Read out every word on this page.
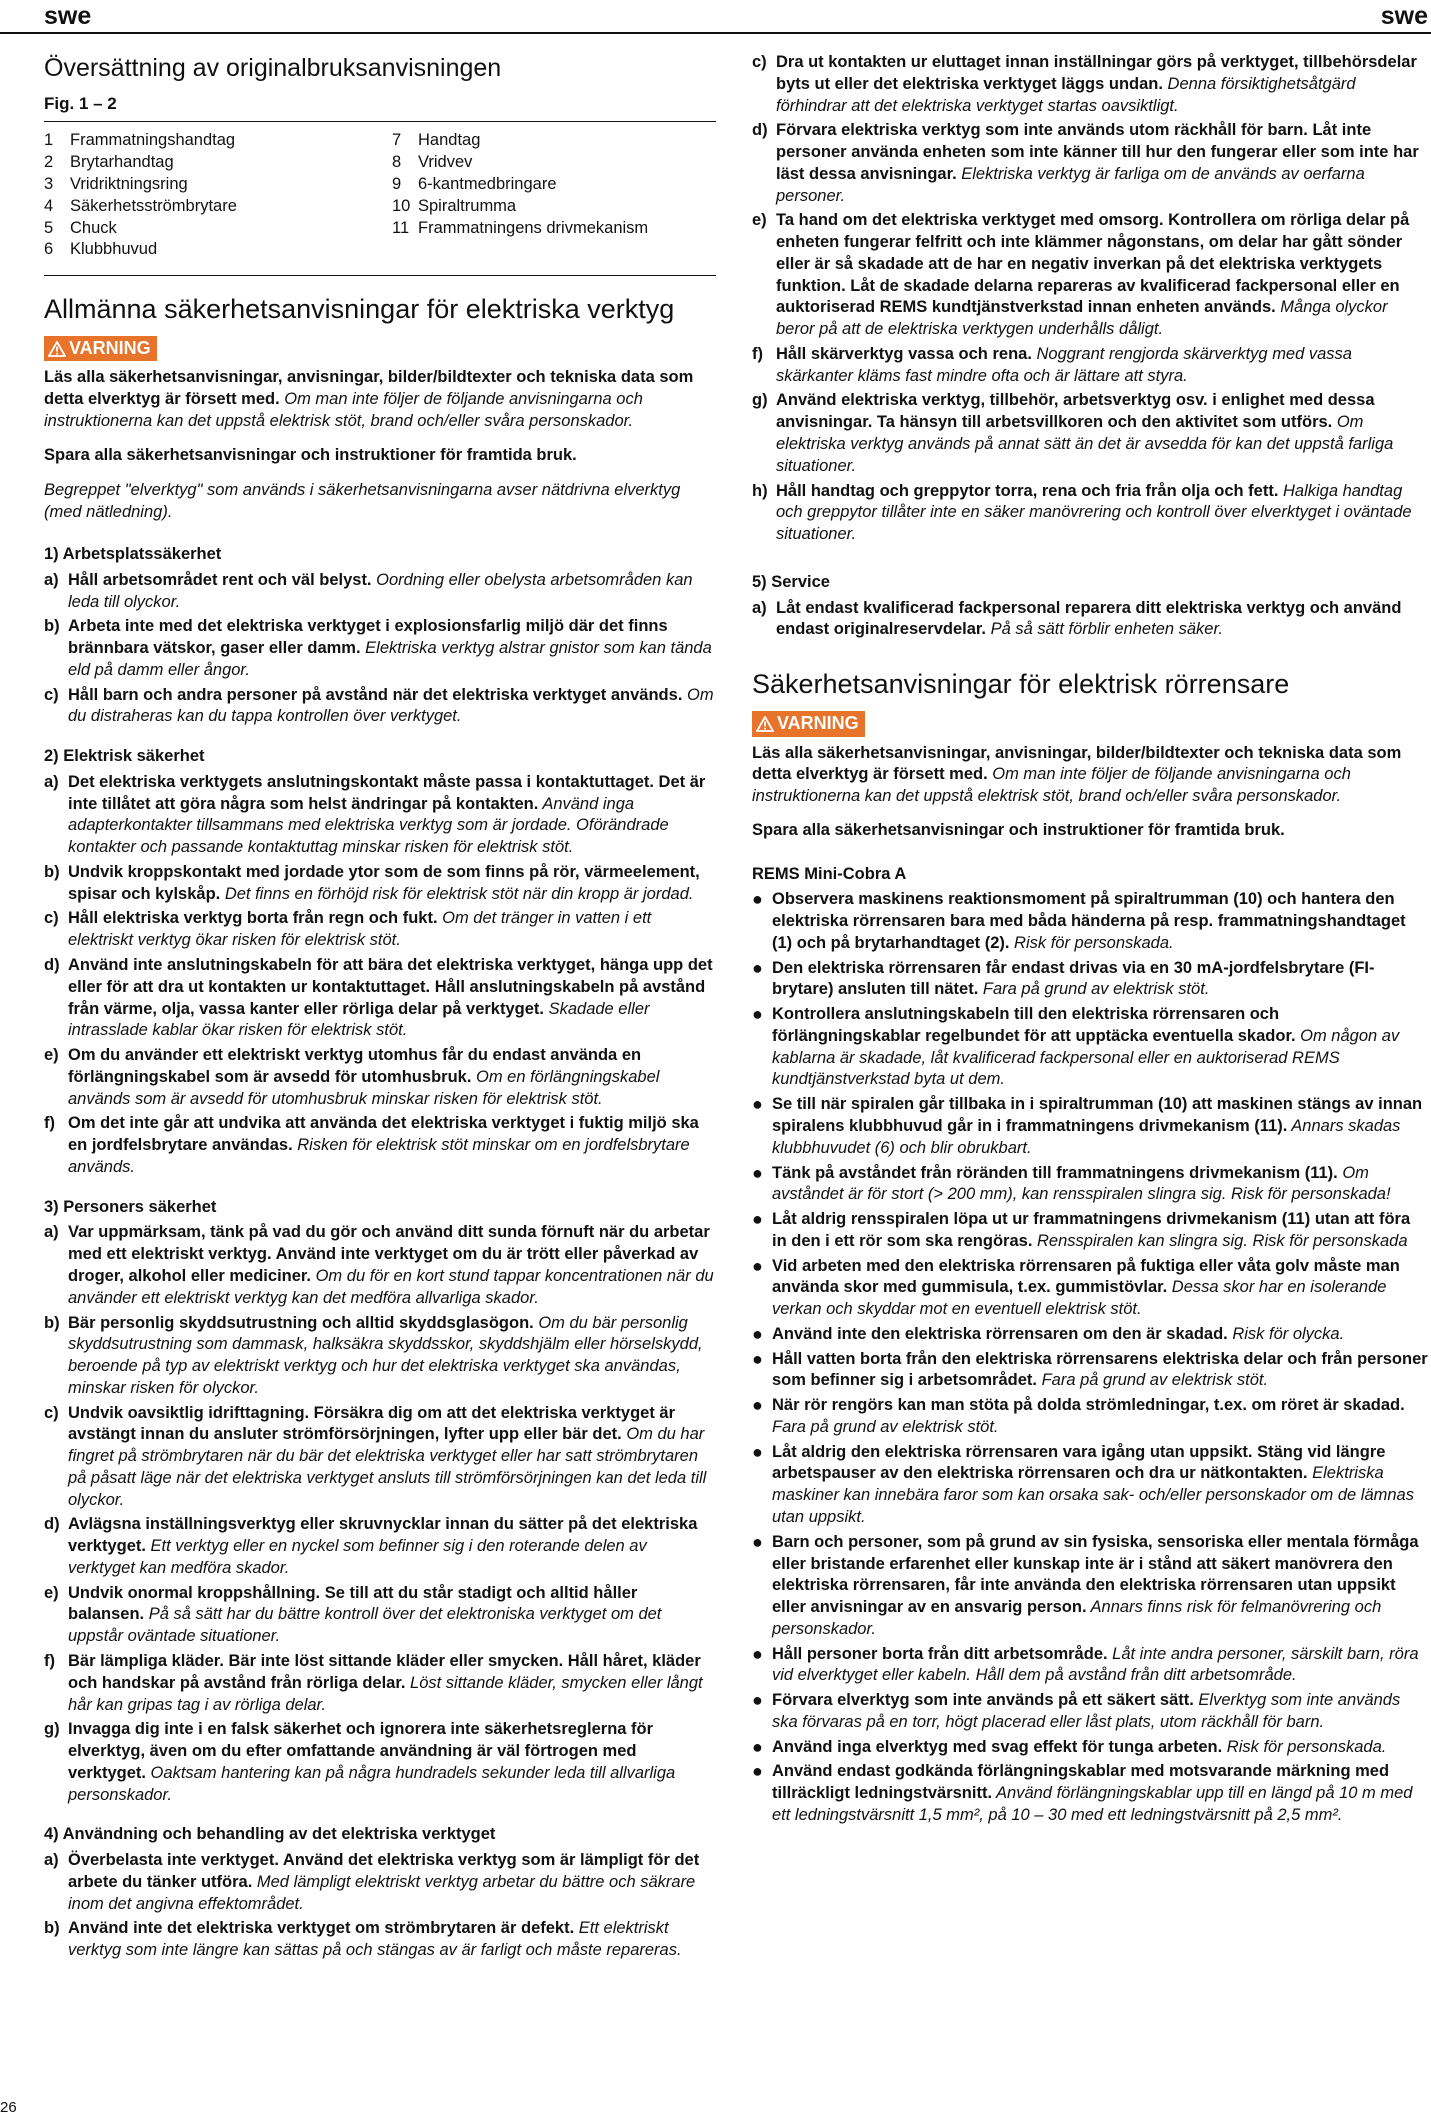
swe	swe
Översättning av originalbruksanvisningen
Fig. 1 – 2
1 Frammatningshandtag
2 Brytarhandtag
3 Vridriktningsring
4 Säkerhetsströmbrytare
5 Chuck
6 Klubbhuvud
7 Handtag
8 Vridvev
9 6-kantmedbringare
10 Spiraltrumma
11 Frammatningens drivmekanism
Allmänna säkerhetsanvisningar för elektriska verktyg
VARNING

Läs alla säkerhetsanvisningar, anvisningar, bilder/bildtexter och tekniska data som detta elverktyg är försett med. Om man inte följer de följande anvisningarna och instruktionerna kan det uppstå elektrisk stöt, brand och/eller svåra personskador.

Spara alla säkerhetsanvisningar och instruktioner för framtida bruk.

Begreppet "elverktyg" som används i säkerhetsanvisningarna avser nätdrivna elverktyg (med nätledning).

1) Arbetsplatssäkerhet
a) Håll arbetsområdet rent och väl belyst. Oordning eller obelysta arbetsområden kan leda till olyckor.
b) Arbeta inte med det elektriska verktyget i explosionsfarlig miljö där det finns brännbara vätskor, gaser eller damm. Elektriska verktyg alstrar gnistor som kan tända eld på damm eller ångor.
c) Håll barn och andra personer på avstånd när det elektriska verktyget används. Om du distraheras kan du tappa kontrollen över verktyget.
2) Elektrisk säkerhet
a) Det elektriska verktygets anslutningskontakt måste passa i kontaktuttaget. Det är inte tillåtet att göra några som helst ändringar på kontakten. Använd inga adapterkontakter tillsammans med elektriska verktyg som är jordade. Oförändrade kontakter och passande kontaktuttag minskar risken för elektrisk stöt.
b) Undvik kroppskontakt med jordade ytor som de som finns på rör, värmeelement, spisar och kylskåp. Det finns en förhöjd risk för elektrisk stöt när din kropp är jordad.
c) Håll elektriska verktyg borta från regn och fukt. Om det tränger in vatten i ett elektriskt verktyg ökar risken för elektrisk stöt.
d) Använd inte anslutningskabeln för att bära det elektriska verktyget, hänga upp det eller för att dra ut kontakten ur kontaktuttaget. Håll anslutningskabeln på avstånd från värme, olja, vassa kanter eller rörliga delar på verktyget. Skadade eller intrasslade kablar ökar risken för elektrisk stöt.
e) Om du använder ett elektriskt verktyg utomhus får du endast använda en förlängningskabel som är avsedd för utomhusbruk. Om en förlängningskabel används som är avsedd för utomhusbruk minskar risken för elektrisk stöt.
f) Om det inte går att undvika att använda det elektriska verktyget i fuktig miljö ska en jordfelsbrytare användas. Risken för elektrisk stöt minskar om en jordfelsbrytare används.
3) Personers säkerhet
a) Var uppmärksam, tänk på vad du gör och använd ditt sunda förnuft när du arbetar med ett elektriskt verktyg. Använd inte verktyget om du är trött eller påverkad av droger, alkohol eller mediciner. Om du för en kort stund tappar koncentrationen när du använder ett elektriskt verktyg kan det medföra allvarliga skador.
b) Bär personlig skyddsutrustning och alltid skyddsglasögon. Om du bär personlig skyddsutrustning som dammask, halksäkra skyddsskor, skyddshjälm eller hörselskydd, beroende på typ av elektriskt verktyg och hur det elektriska verktyget ska användas, minskar risken för olyckor.
c) Undvik oavsiktlig idrifttagning. Försäkra dig om att det elektriska verktyget är avstängt innan du ansluter strömförsörjningen, lyfter upp eller bär det. Om du har fingret på strömbrytaren när du bär det elektriska verktyget eller har satt strömbrytaren på påsatt läge när det elektriska verktyget ansluts till strömförsörjningen kan det leda till olyckor.
d) Avlägsna inställningsverktyg eller skruvnycklar innan du sätter på det elektriska verktyget. Ett verktyg eller en nyckel som befinner sig i den roterande delen av verktyget kan medföra skador.
e) Undvik onormal kroppshållning. Se till att du står stadigt och alltid håller balansen. På så sätt har du bättre kontroll över det elektroniska verktyget om det uppstår oväntade situationer.
f) Bär lämpliga kläder. Bär inte löst sittande kläder eller smycken. Håll håret, kläder och handskar på avstånd från rörliga delar. Löst sittande kläder, smycken eller långt hår kan gripas tag i av rörliga delar.
g) Invagga dig inte i en falsk säkerhet och ignorera inte säkerhetsreglerna för elverktyg, även om du efter omfattande användning är väl förtrogen med verktyget. Oaktsam hantering kan på några hundradels sekunder leda till allvarliga personskador.
4) Användning och behandling av det elektriska verktyget
a) Överbelasta inte verktyget. Använd det elektriska verktyg som är lämpligt för det arbete du tänker utföra. Med lämpligt elektriskt verktyg arbetar du bättre och säkrare inom det angivna effektområdet.
b) Använd inte det elektriska verktyget om strömbrytaren är defekt. Ett elektriskt verktyg som inte längre kan sättas på och stängas av är farligt och måste repareras.
c) Dra ut kontakten ur eluttaget innan inställningar görs på verktyget, tillbehörsdelar byts ut eller det elektriska verktyget läggs undan. Denna försiktighetsåtgärd förhindrar att det elektriska verktyget startas oavsiktligt.
d) Förvara elektriska verktyg som inte används utom räckhåll för barn. Låt inte personer använda enheten som inte känner till hur den fungerar eller som inte har läst dessa anvisningar. Elektriska verktyg är farliga om de används av oerfarna personer.
e) Ta hand om det elektriska verktyget med omsorg. Kontrollera om rörliga delar på enheten fungerar felfritt och inte klämmer någonstans, om delar har gått sönder eller är så skadade att de har en negativ inverkan på det elektriska verktygets funktion. Låt de skadade delarna repareras av kvalificerad fackpersonal eller en auktoriserad REMS kundtjänstverkstad innan enheten används. Många olyckor beror på att de elektriska verktygen underhålls dåligt.
f) Håll skärverktyg vassa och rena. Noggrant rengjorda skärverktyg med vassa skärkanter kläms fast mindre ofta och är lättare att styra.
g) Använd elektriska verktyg, tillbehör, arbetsverktyg osv. i enlighet med dessa anvisningar. Ta hänsyn till arbetsvillkoren och den aktivitet som utförs. Om elektriska verktyg används på annat sätt än det är avsedda för kan det uppstå farliga situationer.
h) Håll handtag och greppytor torra, rena och fria från olja och fett. Halkiga handtag och greppytor tillåter inte en säker manövrering och kontroll över elverktyget i oväntade situationer.
5) Service
a) Låt endast kvalificerad fackpersonal reparera ditt elektriska verktyg och använd endast originalreservdelar. På så sätt förblir enheten säker.
Säkerhetsanvisningar för elektrisk rörrensare
VARNING

Läs alla säkerhetsanvisningar, anvisningar, bilder/bildtexter och tekniska data som detta elverktyg är försett med. Om man inte följer de följande anvisningarna och instruktionerna kan det uppstå elektrisk stöt, brand och/eller svåra personskador.

Spara alla säkerhetsanvisningar och instruktioner för framtida bruk.

REMS Mini-Cobra A
● Observera maskinens reaktionsmoment på spiraltrumman (10) och hantera den elektriska rörrensaren bara med båda händerna på resp. frammatningshandtaget (1) och på brytarhandtaget (2). Risk för personskada.
● Den elektriska rörrensaren får endast drivas via en 30 mA-jordfelsbrytare (FI-brytare) ansluten till nätet. Fara på grund av elektrisk stöt.
● Kontrollera anslutningskabeln till den elektriska rörrensaren och förlängningskablar regelbundet för att upptäcka eventuella skador. Om någon av kablarna är skadade, låt kvalificerad fackpersonal eller en auktoriserad REMS kundtjänstverkstad byta ut dem.
● Se till när spiralen går tillbaka in i spiraltrumman (10) att maskinen stängs av innan spiralens klubbhuvud går in i frammatningens drivmekanism (11). Annars skadas klubbhuvudet (6) och blir obrukbart.
● Tänk på avståndet från röränden till frammatningens drivmekanism (11). Om avståndet är för stort (> 200 mm), kan rensspiralen slingra sig. Risk för personskada!
● Låt aldrig rensspiralen löpa ut ur frammatningens drivmekanism (11) utan att föra in den i ett rör som ska rengöras. Rensspiralen kan slingra sig. Risk för personskada
● Vid arbeten med den elektriska rörrensaren på fuktiga eller våta golv måste man använda skor med gummisula, t.ex. gummistövlar. Dessa skor har en isolerande verkan och skyddar mot en eventuell elektrisk stöt.
● Använd inte den elektriska rörrensaren om den är skadad. Risk för olycka.
● Håll vatten borta från den elektriska rörrensarens elektriska delar och från personer som befinner sig i arbetsområdet. Fara på grund av elektrisk stöt.
● När rör rengörs kan man stöta på dolda strömledningar, t.ex. om röret är skadad. Fara på grund av elektrisk stöt.
● Låt aldrig den elektriska rörrensaren vara igång utan uppsikt. Stäng vid längre arbetspauser av den elektriska rörrensaren och dra ur nätkontakten. Elektriska maskiner kan innebära faror som kan orsaka sak- och/eller personskador om de lämnas utan uppsikt.
● Barn och personer, som på grund av sin fysiska, sensoriska eller mentala förmåga eller bristande erfarenhet eller kunskap inte är i stånd att säkert manövrera den elektriska rörrensaren, får inte använda den elektriska rörrensaren utan uppsikt eller anvisningar av en ansvarig person. Annars finns risk för felmanövrering och personskador.
● Håll personer borta från ditt arbetsområde. Låt inte andra personer, särskilt barn, röra vid elverktyget eller kabeln. Håll dem på avstånd från ditt arbetsområde.
● Förvara elverktyg som inte används på ett säkert sätt. Elverktyg som inte används ska förvaras på en torr, högt placerad eller låst plats, utom räckhåll för barn.
● Använd inga elverktyg med svag effekt för tunga arbeten. Risk för personskada.
● Använd endast godkända förlängningskablar med motsvarande märkning med tillräckligt ledningstvärsnitt. Använd förlängningskablar upp till en längd på 10 m med ett ledningstvärsnitt 1,5 mm², på 10 – 30 med ett ledningstvärsnitt på 2,5 mm².
26
